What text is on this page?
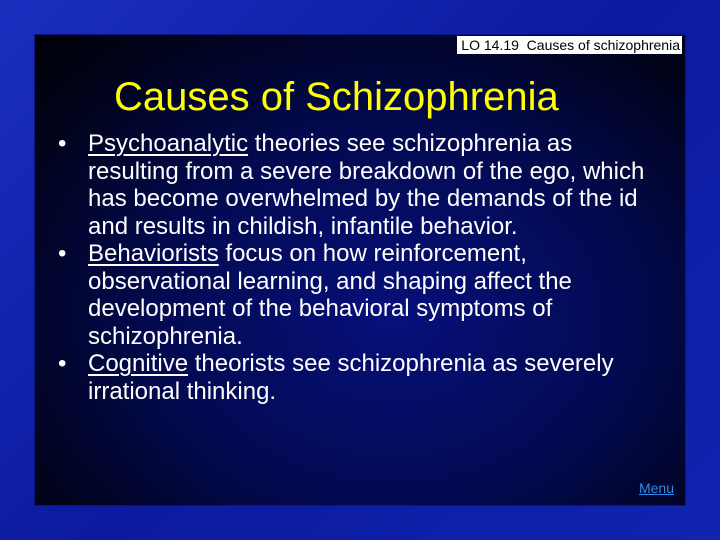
LO 14.19  Causes of schizophrenia
Causes of Schizophrenia
• Psychoanalytic theories see schizophrenia as resulting from a severe breakdown of the ego, which has become overwhelmed by the demands of the id and results in childish, infantile behavior.
• Behaviorists focus on how reinforcement, observational learning, and shaping affect the development of the behavioral symptoms of schizophrenia.
• Cognitive theorists see schizophrenia as severely irrational thinking.
Menu
